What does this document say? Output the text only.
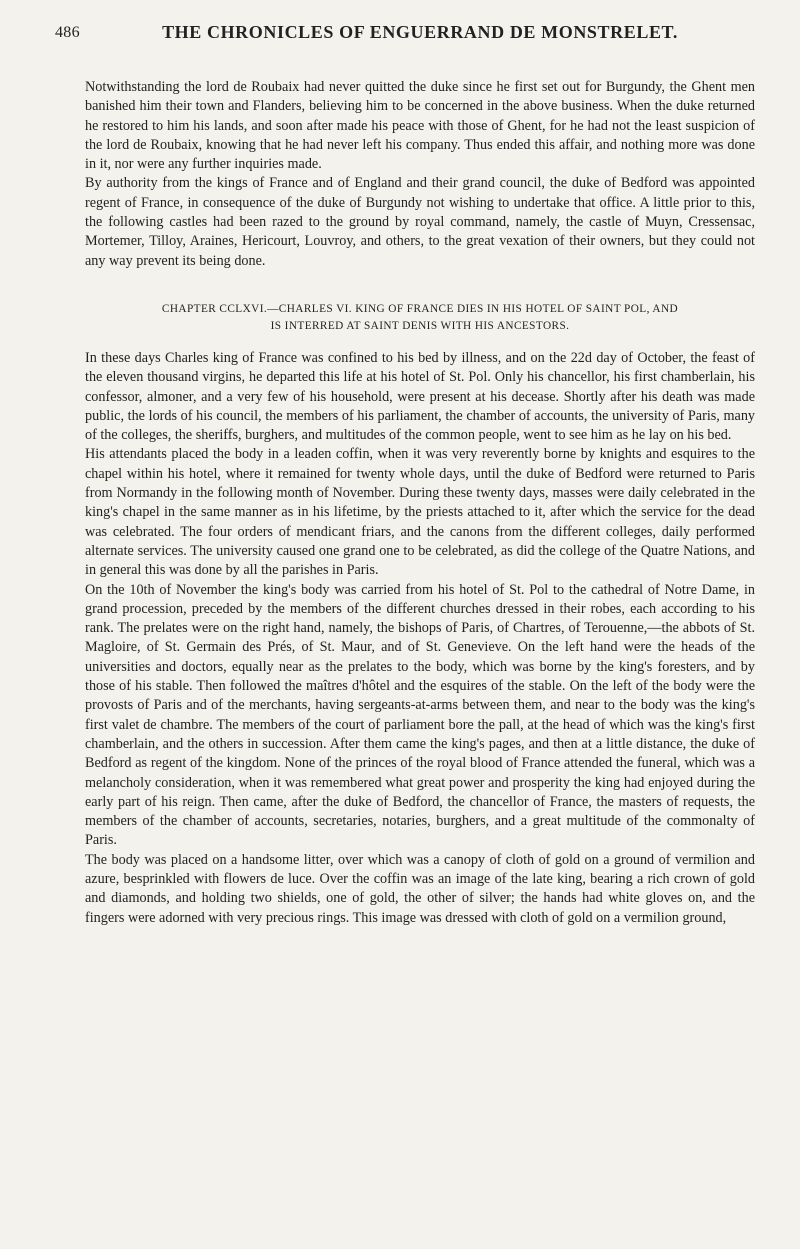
486	THE CHRONICLES OF ENGUERRAND DE MONSTRELET.

Notwithstanding the lord de Roubaix had never quitted the duke since he first set out for Burgundy, the Ghent men banished him their town and Flanders, believing him to be concerned in the above business. When the duke returned he restored to him his lands, and soon after made his peace with those of Ghent, for he had not the least suspicion of the lord de Roubaix, knowing that he had never left his company. Thus ended this affair, and nothing more was done in it, nor were any further inquiries made.

By authority from the kings of France and of England and their grand council, the duke of Bedford was appointed regent of France, in consequence of the duke of Burgundy not wishing to undertake that office. A little prior to this, the following castles had been razed to the ground by royal command, namely, the castle of Muyn, Cressensac, Mortemer, Tilloy, Araines, Hericourt, Louvroy, and others, to the great vexation of their owners, but they could not any way prevent its being done.

CHAPTER CCLXVI.—CHARLES VI. KING OF FRANCE DIES IN HIS HOTEL OF SAINT POL, AND
IS INTERRED AT SAINT DENIS WITH HIS ANCESTORS.

In these days Charles king of France was confined to his bed by illness, and on the 22d day of October, the feast of the eleven thousand virgins, he departed this life at his hotel of St. Pol. Only his chancellor, his first chamberlain, his confessor, almoner, and a very few of his household, were present at his decease. Shortly after his death was made public, the lords of his council, the members of his parliament, the chamber of accounts, the university of Paris, many of the colleges, the sheriffs, burghers, and multitudes of the common people, went to see him as he lay on his bed.

His attendants placed the body in a leaden coffin, when it was very reverently borne by knights and esquires to the chapel within his hotel, where it remained for twenty whole days, until the duke of Bedford were returned to Paris from Normandy in the following month of November. During these twenty days, masses were daily celebrated in the king's chapel in the same manner as in his lifetime, by the priests attached to it, after which the service for the dead was celebrated. The four orders of mendicant friars, and the canons from the different colleges, daily performed alternate services. The university caused one grand one to be celebrated, as did the college of the Quatre Nations, and in general this was done by all the parishes in Paris.

On the 10th of November the king's body was carried from his hotel of St. Pol to the cathedral of Notre Dame, in grand procession, preceded by the members of the different churches dressed in their robes, each according to his rank. The prelates were on the right hand, namely, the bishops of Paris, of Chartres, of Terouenne,—the abbots of St. Magloire, of St. Germain des Prés, of St. Maur, and of St. Genevieve. On the left hand were the heads of the universities and doctors, equally near as the prelates to the body, which was borne by the king's foresters, and by those of his stable. Then followed the maîtres d'hôtel and the esquires of the stable. On the left of the body were the provosts of Paris and of the merchants, having sergeants-at-arms between them, and near to the body was the king's first valet de chambre. The members of the court of parliament bore the pall, at the head of which was the king's first chamberlain, and the others in succession. After them came the king's pages, and then at a little distance, the duke of Bedford as regent of the kingdom. None of the princes of the royal blood of France attended the funeral, which was a melancholy consideration, when it was remembered what great power and prosperity the king had enjoyed during the early part of his reign. Then came, after the duke of Bedford, the chancellor of France, the masters of requests, the members of the chamber of accounts, secretaries, notaries, burghers, and a great multitude of the commonalty of Paris.

The body was placed on a handsome litter, over which was a canopy of cloth of gold on a ground of vermilion and azure, besprinkled with flowers de luce. Over the coffin was an image of the late king, bearing a rich crown of gold and diamonds, and holding two shields, one of gold, the other of silver; the hands had white gloves on, and the fingers were adorned with very precious rings. This image was dressed with cloth of gold on a vermilion ground,
